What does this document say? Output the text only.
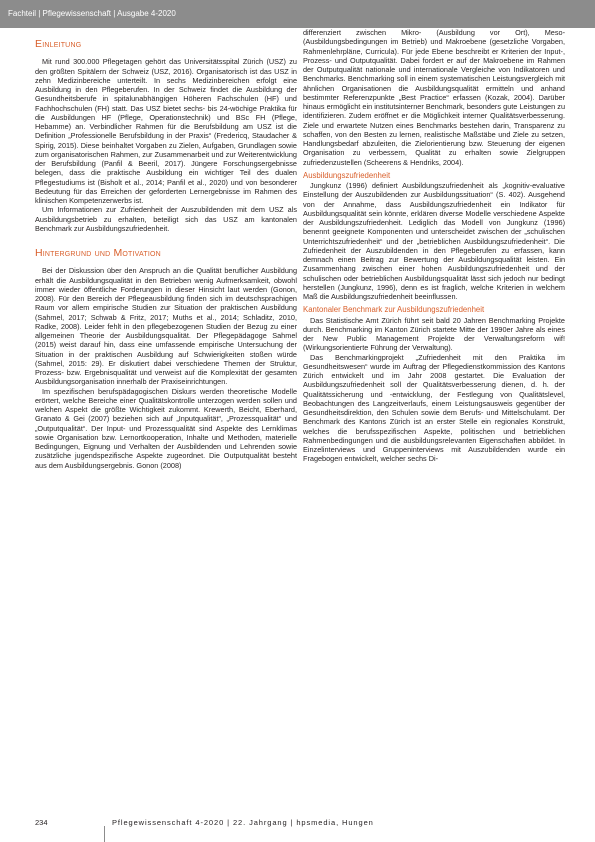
Fachteil | Pflegewissenschaft | Ausgabe 4-2020
Einleitung

Mit rund 300.000 Pflegetagen gehört das Universitätsspital Zürich (USZ) zu den größten Spitälern der Schweiz (USZ, 2016). Organisatorisch ist das USZ in zehn Medizinbereiche unterteilt. In sechs Medizinbereichen erfolgt eine Ausbildung in den Pflegeberufen. In der Schweiz findet die Ausbildung der Gesundheitsberufe in spitalunabhängigen Höheren Fachschulen (HF) und Fachhochschulen (FH) statt. Das USZ bietet sechs- bis 24-wöchige Praktika für die Ausbildungen HF (Pflege, Operationstechnik) und BSc FH (Pflege, Hebamme) an. Verbindlicher Rahmen für die Berufsbildung am USZ ist die Definition „Professionelle Berufsbildung in der Praxis“ (Fredericq, Staudacher & Spirig, 2015). Diese beinhaltet Vorgaben zu Zielen, Aufgaben, Grundlagen sowie zum organisatorischen Rahmen, zur Zusammenarbeit und zur Weiterentwicklung der Berufsbildung (Panfil & Beeril, 2017). Jüngere Forschungsergebnisse belegen, dass die praktische Ausbildung ein wichtiger Teil des dualen Pflegestudiums ist (Bisholt et al., 2014; Panfil et al., 2020) und von besonderer Bedeutung für das Erreichen der geforderten Lernergebnisse im Rahmen des klinischen Kompetenzerwerbs ist.

Um Informationen zur Zufriedenheit der Auszubildenden mit dem USZ als Ausbildungsbetrieb zu erhalten, beteiligt sich das USZ am kantonalen Benchmark zur Ausbildungszufriedenheit.

Hintergrund und Motivation

Bei der Diskussion über den Anspruch an die Qualität beruflicher Ausbildung erhält die Ausbildungsqualität in den Betrieben wenig Aufmerksamkeit, obwohl immer wieder öffentliche Forderungen in dieser Hinsicht laut werden (Gonon, 2008). Für den Bereich der Pflegeausbildung finden sich im deutschsprachigen Raum vor allem empirische Studien zur Situation der praktischen Ausbildung (Sahmel, 2017; Schwab & Fritz, 2017; Muths et al., 2014; Schladitz, 2010, Radke, 2008). Leider fehlt in den pflegebezogenen Studien der Bezug zu einer allgemeinen Theorie der Ausbildungsqualität. Der Pflegepädagoge Sahmel (2015) weist darauf hin, dass eine umfassende empirische Untersuchung der Situation in der praktischen Ausbildung auf Schwierigkeiten stoßen würde (Sahmel, 2015: 29). Er diskutiert dabei verschiedene Themen der Struktur, Prozess- bzw. Ergebnisqualität und verweist auf die Komplexität der gesamten Ausbildungsorganisation innerhalb der Praxiseinrichtungen.

Im spezifischen berufspädagogischen Diskurs werden theoretische Modelle erörtert, welche Bereiche einer Qualitätskontrolle unterzogen werden sollen und welchen Aspekt die größte Wichtigkeit zukommt. Krewerth, Beicht, Eberhard, Granato & Gei (2007) beziehen sich auf „Inputqualität“, „Prozessqualität“ und „Outputqualität“. Der Input- und Prozessqualität sind Aspekte des Lernklimas sowie Organisation bzw. Lernortkooperation, Inhalte und Methoden, materielle Bedingungen, Eignung und Verhalten der Ausbildenden und Lehrenden sowie zusätzliche jugendspezifische Aspekte zugeordnet. Die Outputqualität besteht aus dem Ausbildungsergebnis. Gonon (2008)

differenziert zwischen Mikro- (Ausbildung vor Ort), Meso- (Ausbildungsbedingungen im Betrieb) und Makroebene (gesetzliche Vorgaben, Rahmenlehrpläne, Curricula). Für jede Ebene beschreibt er Kriterien der Input-, Prozess- und Outputqualität. Dabei fordert er auf der Makroebene im Rahmen der Outputqualität nationale und internationale Vergleiche von Indikatoren und Benchmarks. Benchmarking soll in einem systematischen Leistungsvergleich mit ähnlichen Organisationen die Ausbildungsqualität ermitteln und anhand bestimmter Referenzpunkte „Best Practice“ erfassen (Kozak, 2004). Darüber hinaus ermöglicht ein institutsinterner Benchmark, besonders gute Leistungen zu identifizieren. Zudem eröffnet er die Möglichkeit interner Qualitätsverbesserung. Ziele und erwartete Nutzen eines Benchmarks bestehen darin, Transparenz zu schaffen, von den Besten zu lernen, realistische Maßstäbe und Ziele zu setzen, Handlungsbedarf abzuleiten, die Zielorientierung bzw. Steuerung der eigenen Organisation zu verbessern, Qualität zu erhalten sowie Zielgruppen zufriedenzustellen (Scheerens & Hendriks, 2004).

Ausbildungszufriedenheit

Jungkunz (1996) definiert Ausbildungszufriedenheit als „kognitiv-evaluative Einstellung der Auszubildenden zur Ausbildungssituation“ (S. 402). Ausgehend von der Annahme, dass Ausbildungszufriedenheit ein Indikator für Ausbildungsqualität sein könnte, erklären diverse Modelle verschiedene Aspekte der Ausbildungszufriedenheit. Lediglich das Modell von Jungkunz (1996) benennt geeignete Komponenten und unterscheidet zwischen der „schulischen Unterrichtszufriedenheit“ und der „betrieblichen Ausbildungszufriedenheit“. Die Zufriedenheit der Auszubildenden in den Pflegeberufen zu erfassen, kann demnach einen Beitrag zur Bewertung der Ausbildungsqualität leisten. Ein Zusammenhang zwischen einer hohen Ausbildungszufriedenheit und der schulischen oder betrieblichen Ausbildungsqualität lässt sich jedoch nur bedingt herstellen (Jungkunz, 1996), denn es ist fraglich, welche Kriterien in welchem Maß die Ausbildungszufriedenheit beeinflussen.

Kantonaler Benchmark zur Ausbildungszufriedenheit

Das Statistische Amt Zürich führt seit bald 20 Jahren Benchmarking Projekte durch. Benchmarking im Kanton Zürich startete Mitte der 1990er Jahre als eines der New Public Management Projekte der Verwaltungsreform wif! (Wirkungsorientierte Führung der Verwaltung).

Das Benchmarkingprojekt „Zufriedenheit mit den Praktika im Gesundheitswesen“ wurde im Auftrag der Pflegedienstkommission des Kantons Zürich entwickelt und im Jahr 2008 gestartet. Die Evaluation der Ausbildungszufriedenheit soll der Qualitätsverbesserung dienen, d. h. der Qualitätssicherung und -entwicklung, der Festlegung von Qualitätslevel, Beobachtungen des Langzeitverlaufs, einem Leistungsausweis gegenüber der Gesundheitsdirektion, den Schulen sowie dem Berufs- und Mittelschulamt. Der Benchmark des Kantons Zürich ist an erster Stelle ein regionales Konstrukt, welches die berufsspezifischen Aspekte, politischen und betrieblichen Rahmenbedingungen und die ausbildungsrelevanten Eigenschaften abbildet. In Einzelinterviews und Gruppeninterviews mit Auszubildenden wurde ein Fragebogen entwickelt, welcher sechs Di-

234	Pflegewissenschaft 4-2020 | 22. Jahrgang | hpsmedia, Hungen
